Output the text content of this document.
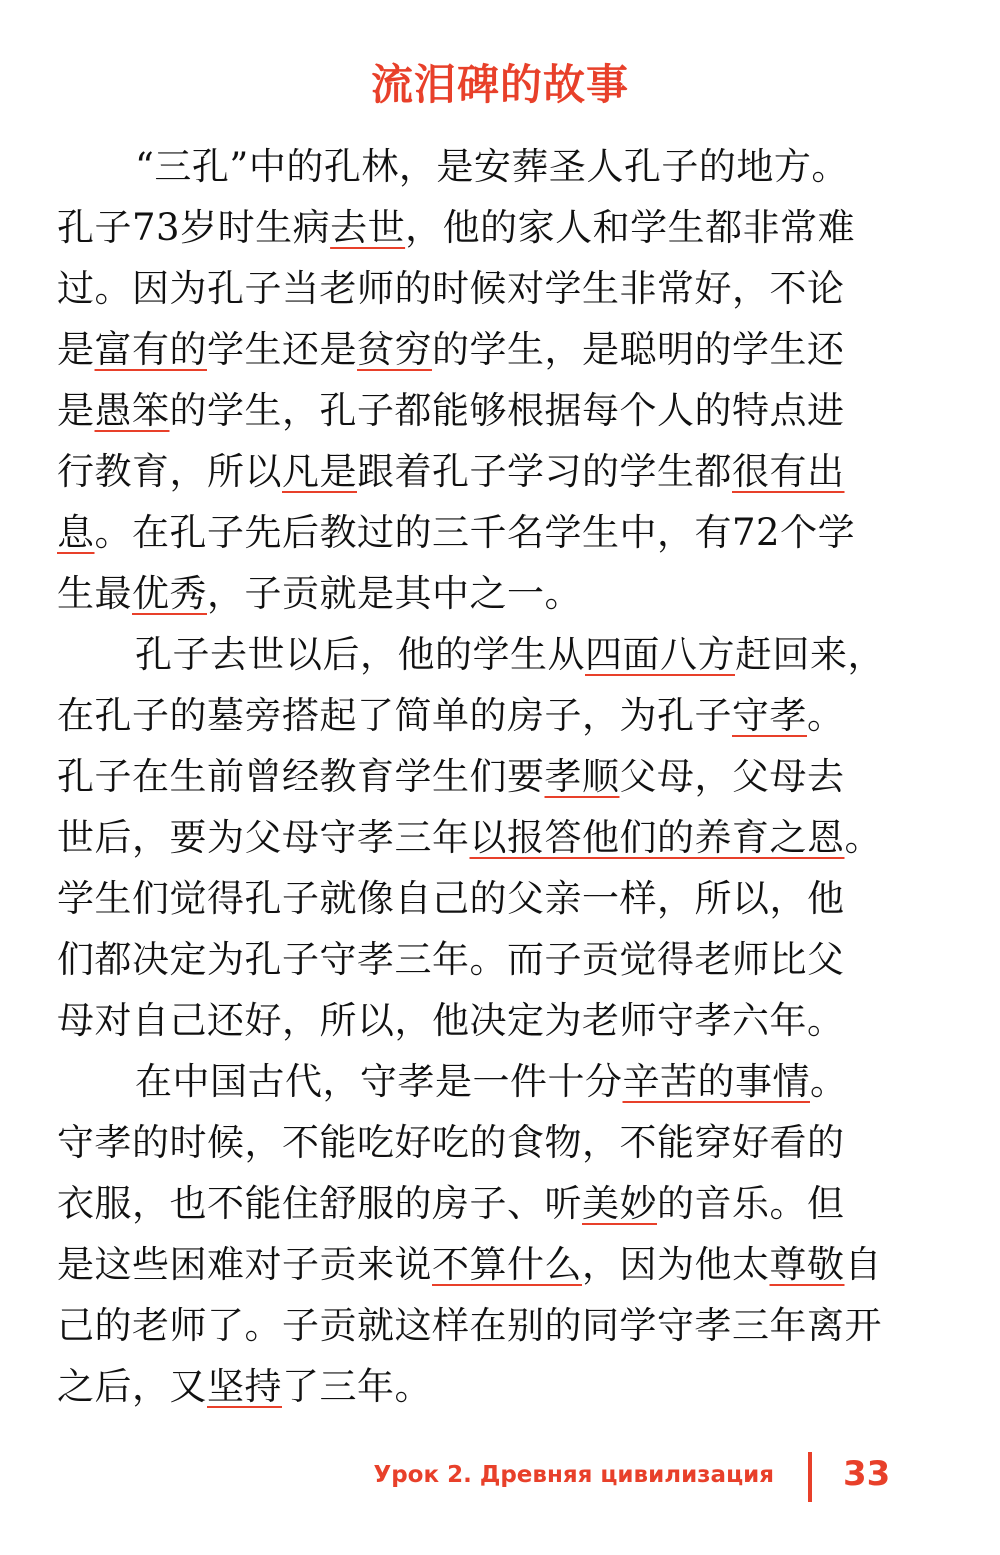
流泪碑的故事
“三孔”中的孔林，是安葬圣人孔子的地方。
孔子73岁时生病去世，他的家人和学生都非常难
过。因为孔子当老师的时候对学生非常好，不论
是富有的学生还是贫穷的学生，是聪明的学生还
是愚笨的学生，孔子都能够根据每个人的特点进
行教育，所以凡是跟着孔子学习的学生都很有出
息。在孔子先后教过的三千名学生中，有72个学
生最优秀，子贡就是其中之一。
孔子去世以后，他的学生从四面八方赶回来，
在孔子的墓旁搭起了简单的房子，为孔子守孝。
孔子在生前曾经教育学生们要孝顺父母，父母去
世后，要为父母守孝三年以报答他们的养育之恩。
学生们觉得孔子就像自己的父亲一样，所以，他
们都决定为孔子守孝三年。而子贡觉得老师比父
母对自己还好，所以，他决定为老师守孝六年。
在中国古代，守孝是一件十分辛苦的事情。
守孝的时候，不能吃好吃的食物，不能穿好看的
衣服，也不能住舒服的房子、听美妙的音乐。但
是这些困难对子贡来说不算什么，因为他太尊敬自
己的老师了。子贡就这样在别的同学守孝三年离开
之后，又坚持了三年。
Урок 2. Древняя цивилизация 33
